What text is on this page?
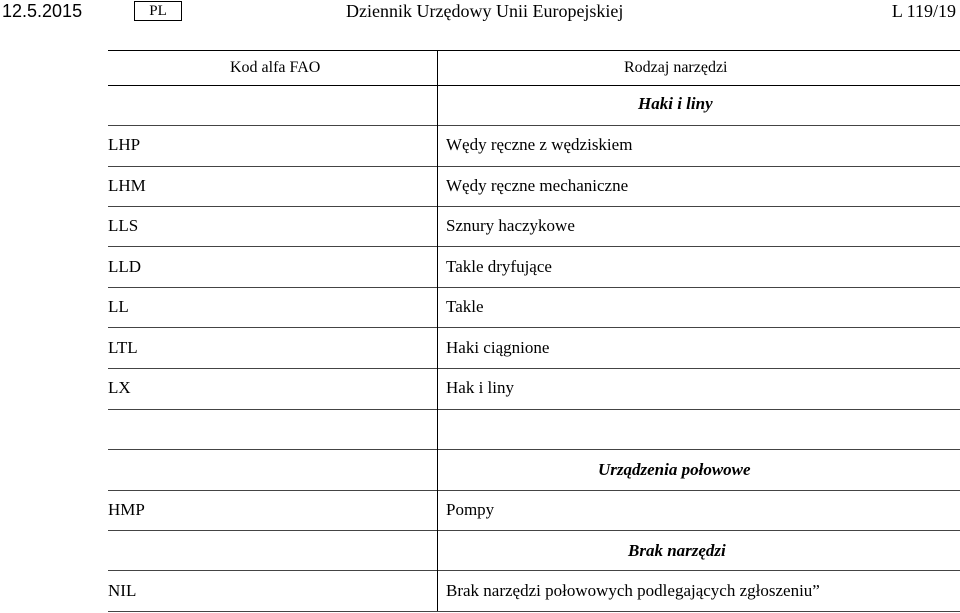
12.5.2015	PL	Dziennik Urzędowy Unii Europejskiej	L 119/19
Kod alfa FAO	Rodzaj narzędzi
Haki i liny
LHP	Wędy ręczne z wędziskiem
LHM	Wędy ręczne mechaniczne
LLS	Sznury haczykowe
LLD	Takle dryfujące
LL	Takle
LTL	Haki ciągnione
LX	Hak i liny
Urządzenia połowowe
HMP	Pompy
Brak narzędzi
NIL	Brak narzędzi połowowych podlegających zgłoszeniu”
